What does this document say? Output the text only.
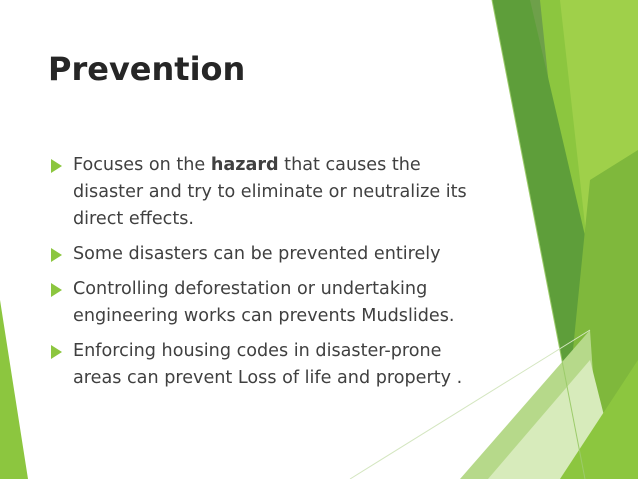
Prevention
Focuses on the hazard that causes the disaster and try to eliminate or neutralize its direct effects.
Some disasters can be prevented entirely
Controlling deforestation or undertaking engineering works can prevents Mudslides.
Enforcing housing codes in disaster-prone areas can prevent Loss of life and property .
